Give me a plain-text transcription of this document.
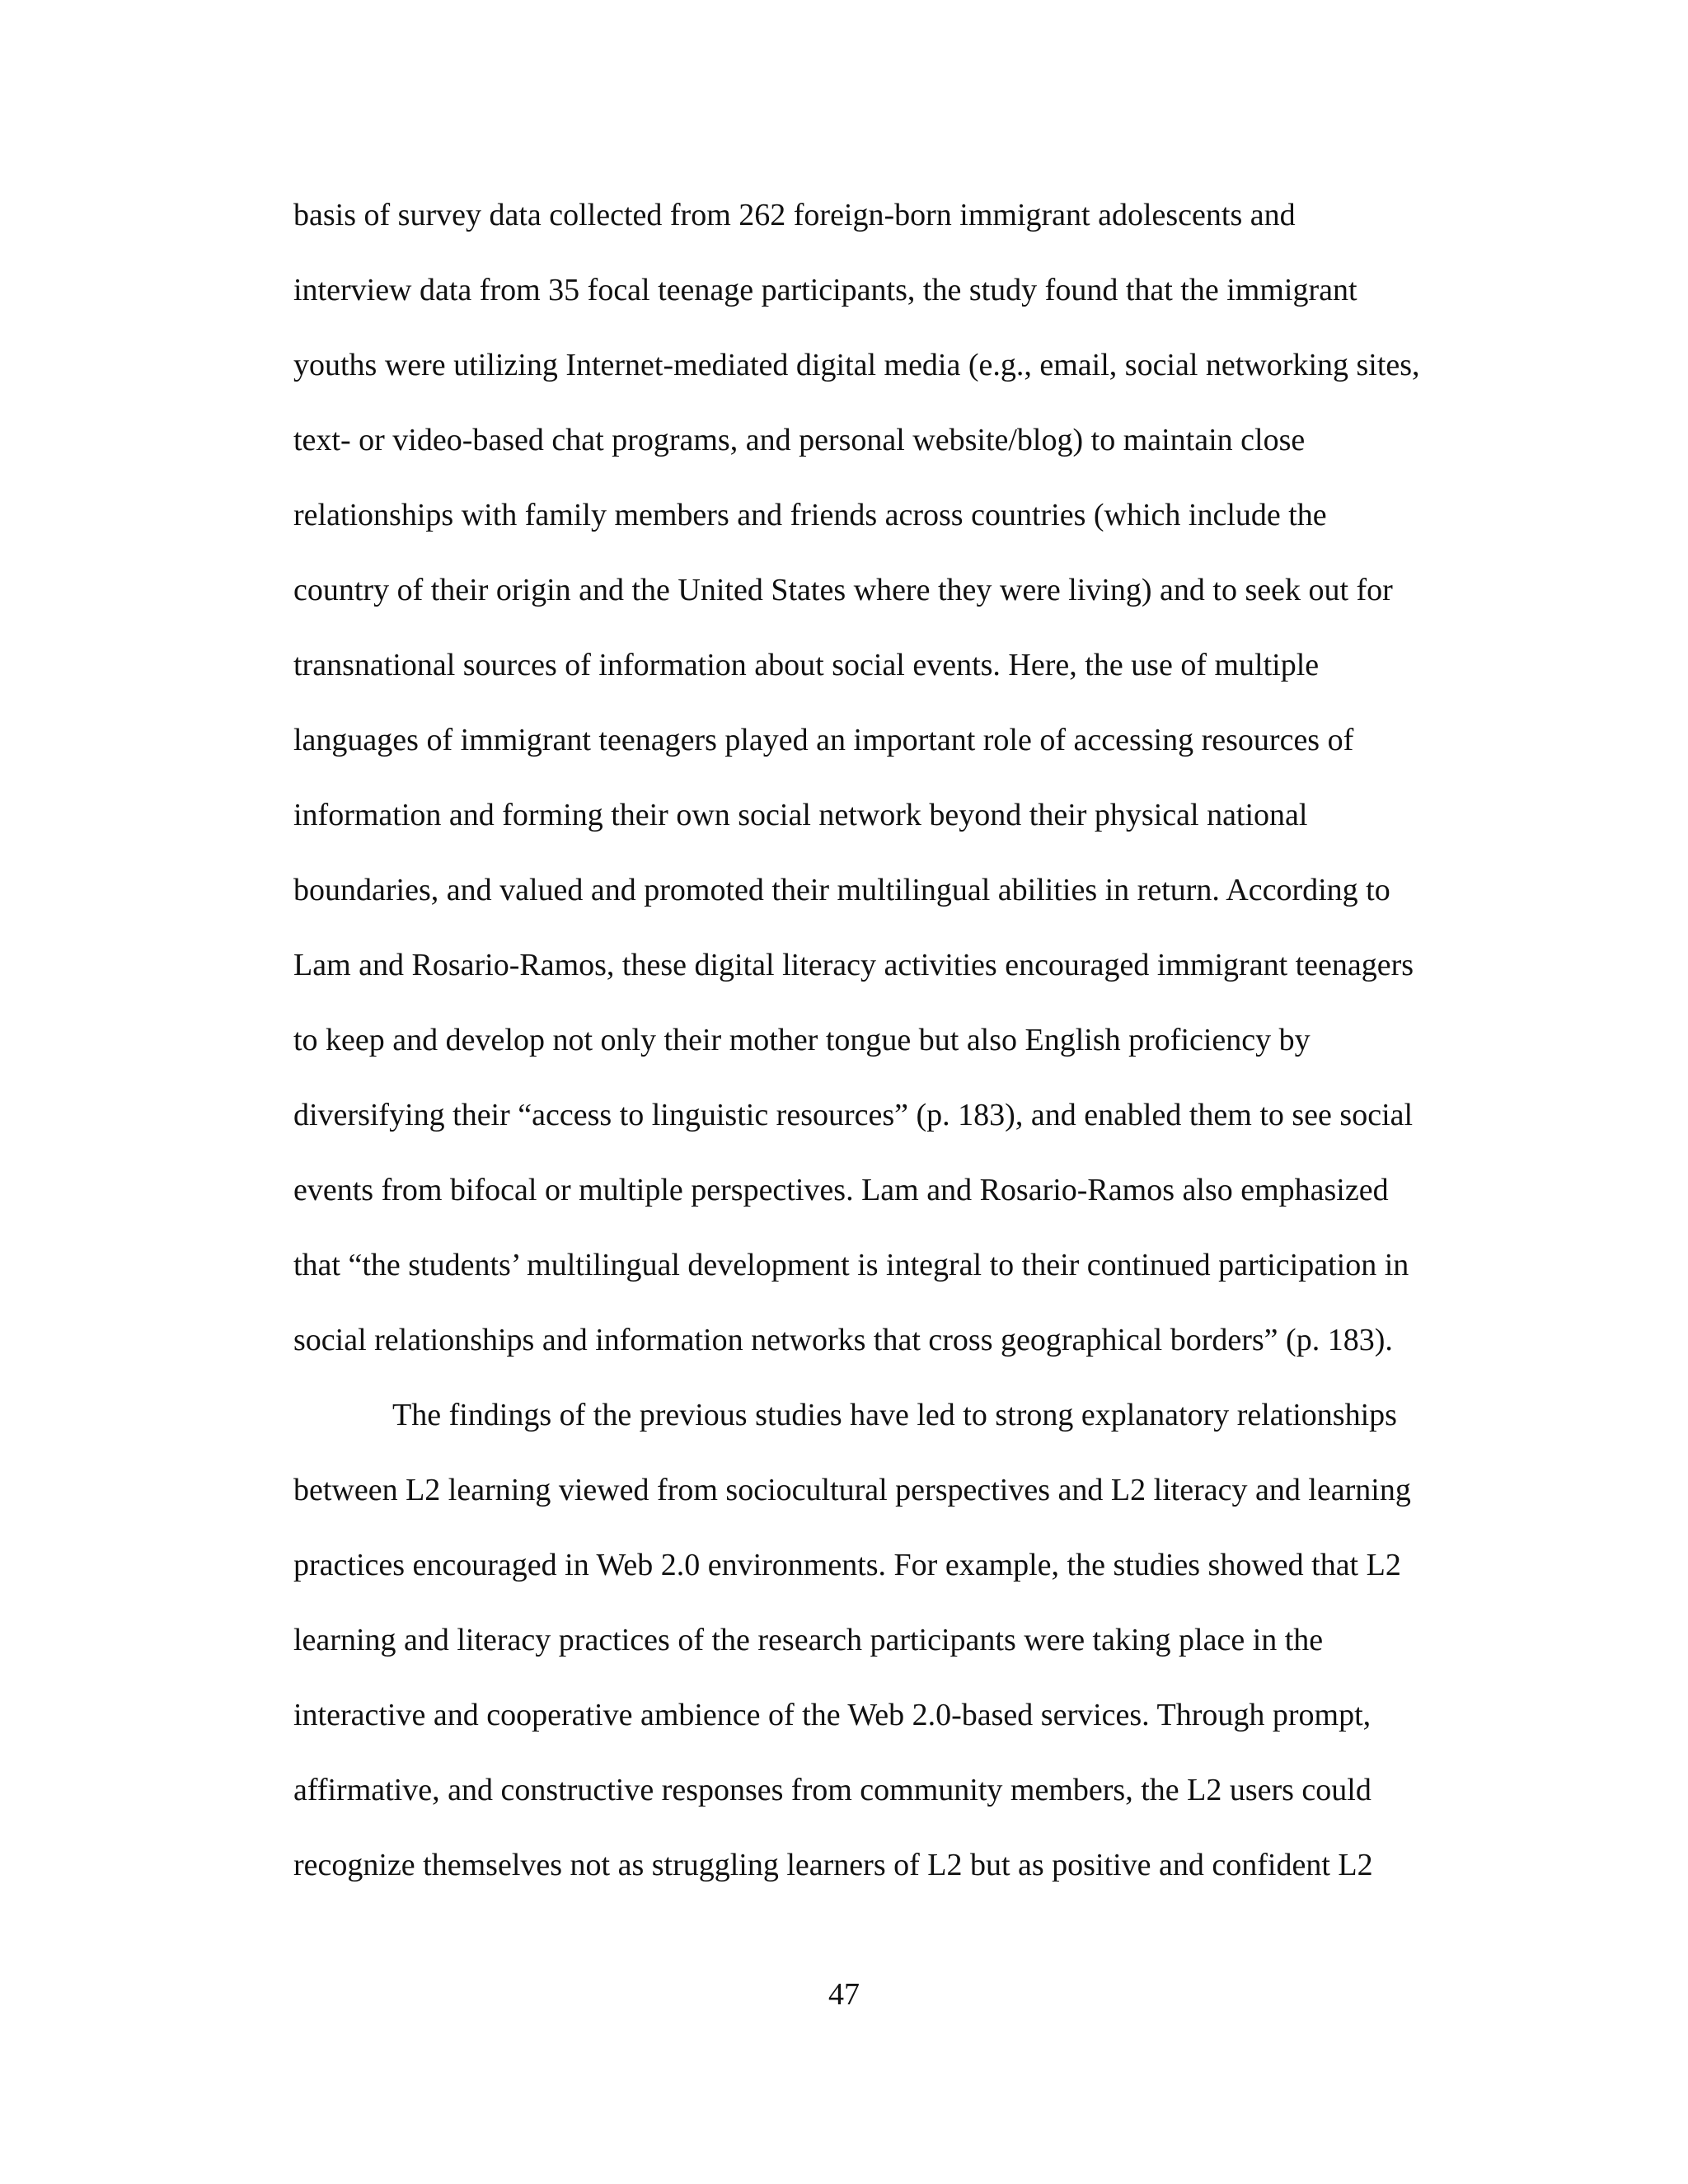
basis of survey data collected from 262 foreign-born immigrant adolescents and
interview data from 35 focal teenage participants, the study found that the immigrant
youths were utilizing Internet-mediated digital media (e.g., email, social networking sites,
text- or video-based chat programs, and personal website/blog) to maintain close
relationships with family members and friends across countries (which include the
country of their origin and the United States where they were living) and to seek out for
transnational sources of information about social events. Here, the use of multiple
languages of immigrant teenagers played an important role of accessing resources of
information and forming their own social network beyond their physical national
boundaries, and valued and promoted their multilingual abilities in return. According to
Lam and Rosario-Ramos, these digital literacy activities encouraged immigrant teenagers
to keep and develop not only their mother tongue but also English proficiency by
diversifying their “access to linguistic resources” (p. 183), and enabled them to see social
events from bifocal or multiple perspectives. Lam and Rosario-Ramos also emphasized
that “the students’ multilingual development is integral to their continued participation in
social relationships and information networks that cross geographical borders” (p. 183).
The findings of the previous studies have led to strong explanatory relationships
between L2 learning viewed from sociocultural perspectives and L2 literacy and learning
practices encouraged in Web 2.0 environments. For example, the studies showed that L2
learning and literacy practices of the research participants were taking place in the
interactive and cooperative ambience of the Web 2.0-based services. Through prompt,
affirmative, and constructive responses from community members, the L2 users could
recognize themselves not as struggling learners of L2 but as positive and confident L2
47
